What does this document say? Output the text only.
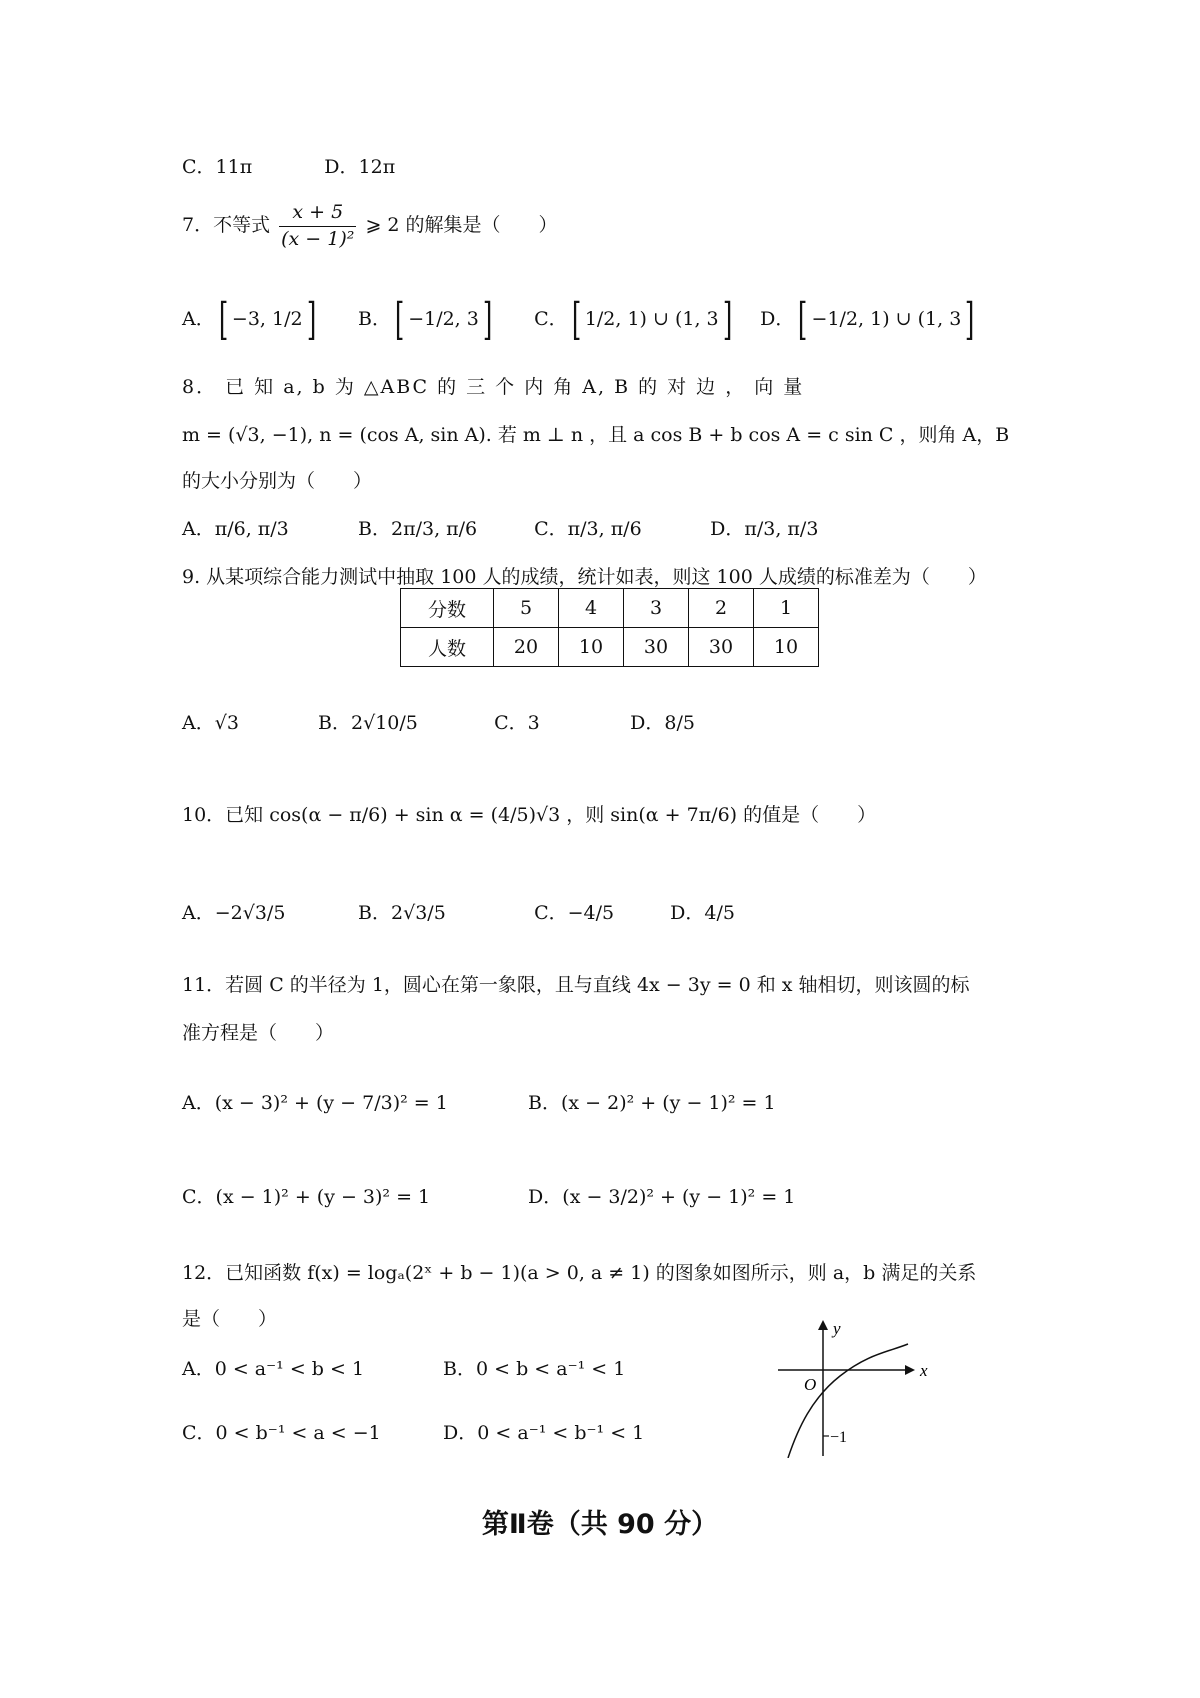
C．11π	D．12π
7．不等式 $\frac{x + 5}{\text{(x − 1)²}}$ ⩾ 2 的解集是（　　）
A．[ −3, 1/2] B．[ −1/2, 3] C．[ 1/2, 1) ∪ (1, 3] D．[ −1/2, 1) ∪ (1, 3]
8． 已 知 a, b 为 △ABC 的 三 个 内 角 A, B 的 对 边 ， 向 量
m = (√3, −1), n = (cos A, sin A). 若 m ⊥ n ，且 a cos B + b cos A = c sin C ，则角 A，B
的大小分别为（　　）
A．π/6, π/3	B．2π/3, π/6	C．π/3, π/6	D．π/3, π/3
9. 从某项综合能力测试中抽取 100 人的成绩，统计如表，则这 100 人成绩的标准差为（　　）
分数	5	4	3	2	1
人数	20	10	30	30	10
A．√3	B．2√10/5	C．3	D．8/5
10．已知 cos(α − π/6) + sin α = (4/5)√3 ，则 sin(α + 7π/6) 的值是（　　）
A．−2√3/5	B．2√3/5	C．−4/5	D．4/5
11．若圆 C 的半径为 1，圆心在第一象限，且与直线 4x − 3y = 0 和 x 轴相切，则该圆的标
准方程是（　　）
A．(x − 3)² + (y − 7/3)² = 1	B．(x − 2)² + (y − 1)² = 1
C．(x − 1)² + (y − 3)² = 1	D．(x − 3/2)² + (y − 1)² = 1
12．已知函数 f(x) = logₐ(2ˣ + b − 1)(a > 0, a ≠ 1) 的图象如图所示，则 a，b 满足的关系
是（　　）
A．0 < a⁻¹ < b < 1	B．0 < b < a⁻¹ < 1
C．0 < b⁻¹ < a < −1	D．0 < a⁻¹ < b⁻¹ < 1
y
x
O
−1
第Ⅱ卷（共 90 分）
